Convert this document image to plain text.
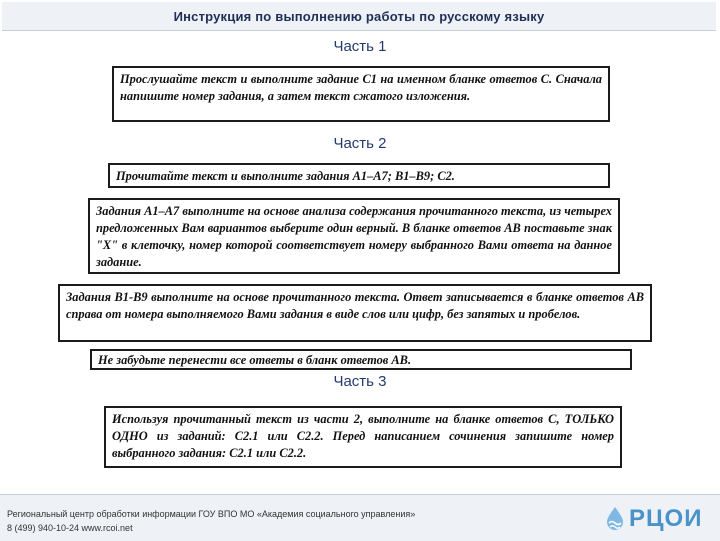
Инструкция по выполнению работы по русскому языку
Часть 1
Прослушайте текст и выполните задание С1 на именном бланке ответов С. Сначала напишите номер задания, а затем текст сжатого изложения.
Часть 2
Прочитайте текст и выполните задания А1–А7; В1–В9; С2.
Задания А1–А7 выполните на основе анализа содержания прочитанного текста, из четырех предложенных Вам вариантов выберите один верный. В бланке ответов АВ поставьте знак "Х" в клеточку, номер которой соответствует номеру выбранного Вами ответа на данное задание.
Задания В1-В9 выполните на основе прочитанного текста. Ответ записывается в бланке ответов АВ справа от номера выполняемого Вами задания в виде слов или цифр, без запятых и пробелов.
Не забудьте перенести все ответы в бланк ответов АВ.
Часть 3
Используя прочитанный текст из части 2, выполните на бланке ответов С, ТОЛЬКО ОДНО из заданий: С2.1 или С2.2. Перед написанием сочинения запишите номер выбранного задания: С2.1 или С2.2.
Региональный центр обработки информации ГОУ ВПО МО «Академия социального управления»
8 (499) 940-10-24 www.rcoi.net	РЦОИ
